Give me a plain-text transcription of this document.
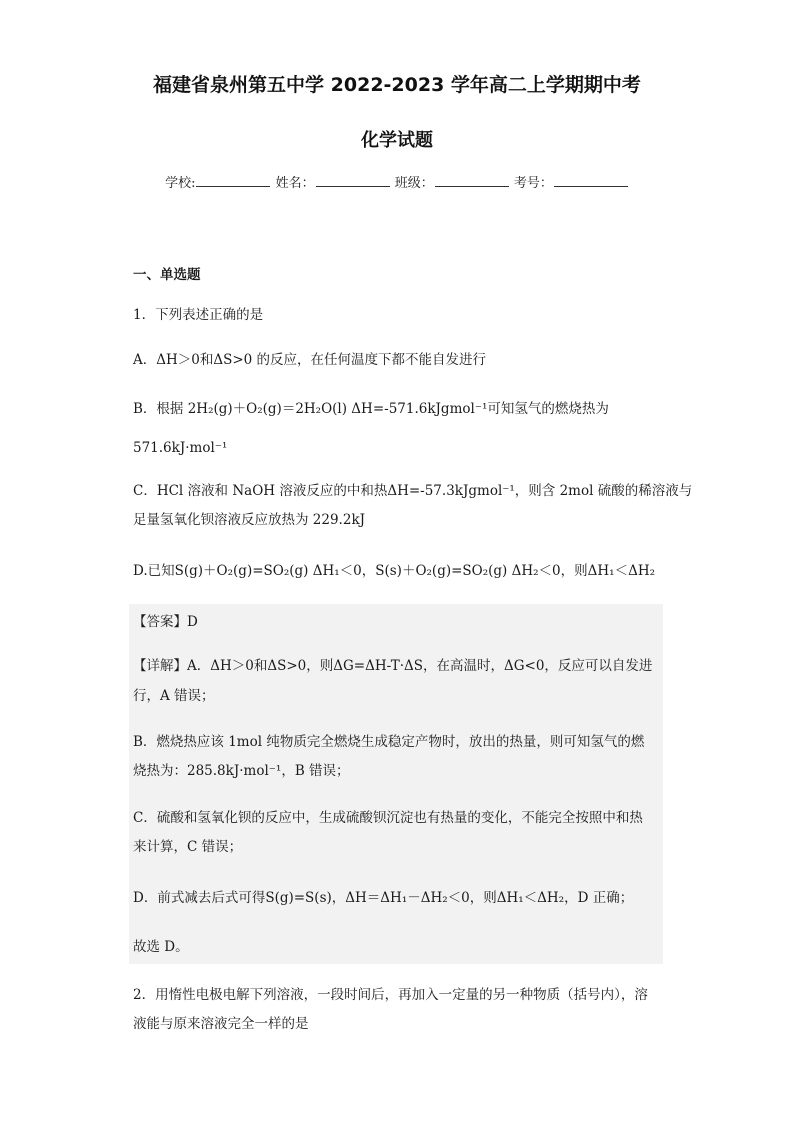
福建省泉州第五中学 2022-2023 学年高二上学期期中考
化学试题
学校:	姓名：	班级：	考号：
一、单选题
1．下列表述正确的是
A．ΔH＞0和ΔS>0 的反应，在任何温度下都不能自发进行
B．根据 2H₂(g)＋O₂(g)＝2H₂O(l) ΔH=-571.6kJgmol⁻¹可知氢气的燃烧热为
571.6kJ·mol⁻¹
C．HCl 溶液和 NaOH 溶液反应的中和热ΔH=-57.3kJgmol⁻¹，则含 2mol 硫酸的稀溶液与
足量氢氧化钡溶液反应放热为 229.2kJ
D.已知S(g)＋O₂(g)=SO₂(g) ΔH₁＜0，S(s)＋O₂(g)=SO₂(g) ΔH₂＜0，则ΔH₁＜ΔH₂
【答案】D
【详解】A．ΔH＞0和ΔS>0，则ΔG=ΔH-T·ΔS，在高温时，ΔG<0，反应可以自发进
行，A 错误；
B．燃烧热应该 1mol 纯物质完全燃烧生成稳定产物时，放出的热量，则可知氢气的燃
烧热为：285.8kJ·mol⁻¹，B 错误；
C．硫酸和氢氧化钡的反应中，生成硫酸钡沉淀也有热量的变化，不能完全按照中和热
来计算，C 错误；
D．前式减去后式可得S(g)=S(s)，ΔH＝ΔH₁－ΔH₂＜0，则ΔH₁＜ΔH₂，D 正确；
故选 D。
2．用惰性电极电解下列溶液，一段时间后，再加入一定量的另一种物质（括号内），溶
液能与原来溶液完全一样的是
